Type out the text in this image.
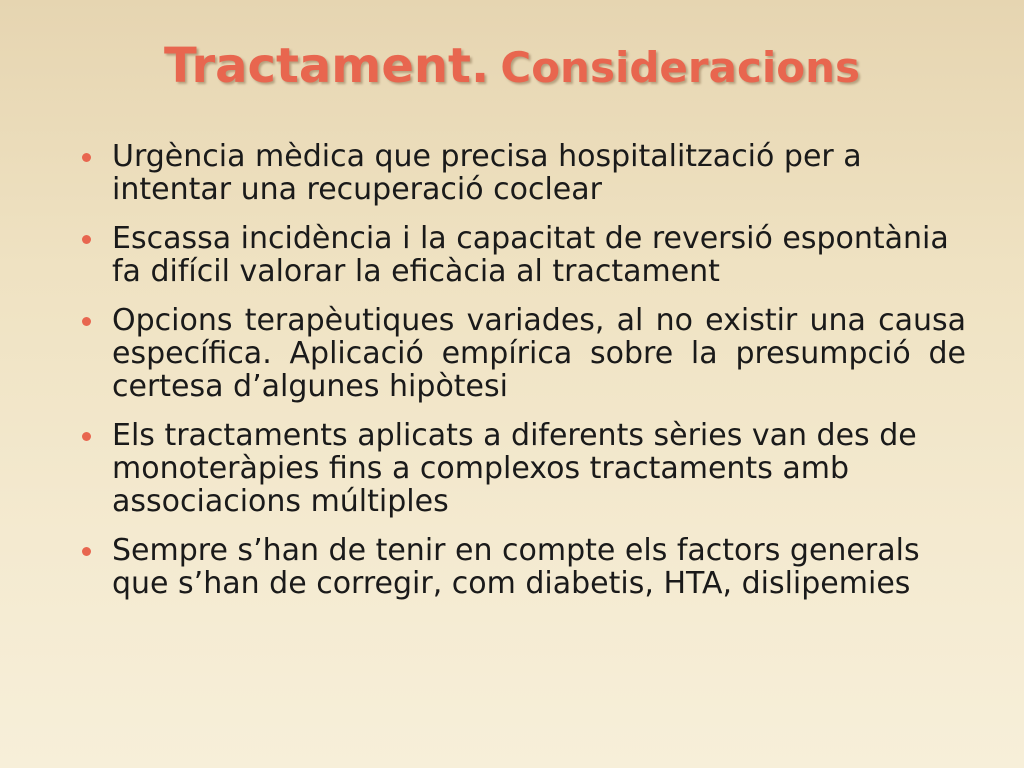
Tractament. Consideracions
Urgència mèdica que precisa hospitalització per a intentar una recuperació coclear
Escassa incidència i la capacitat de reversió espontània fa difícil valorar la eficàcia al tractament
Opcions terapèutiques variades, al no existir una causa específica. Aplicació empírica sobre la presumpció de certesa d’algunes hipòtesi
Els tractaments aplicats a diferents sèries van des de monoteràpies fins a complexos tractaments amb associacions múltiples
Sempre s’han de tenir en compte els factors generals que s’han de corregir, com diabetis, HTA, dislipemies
